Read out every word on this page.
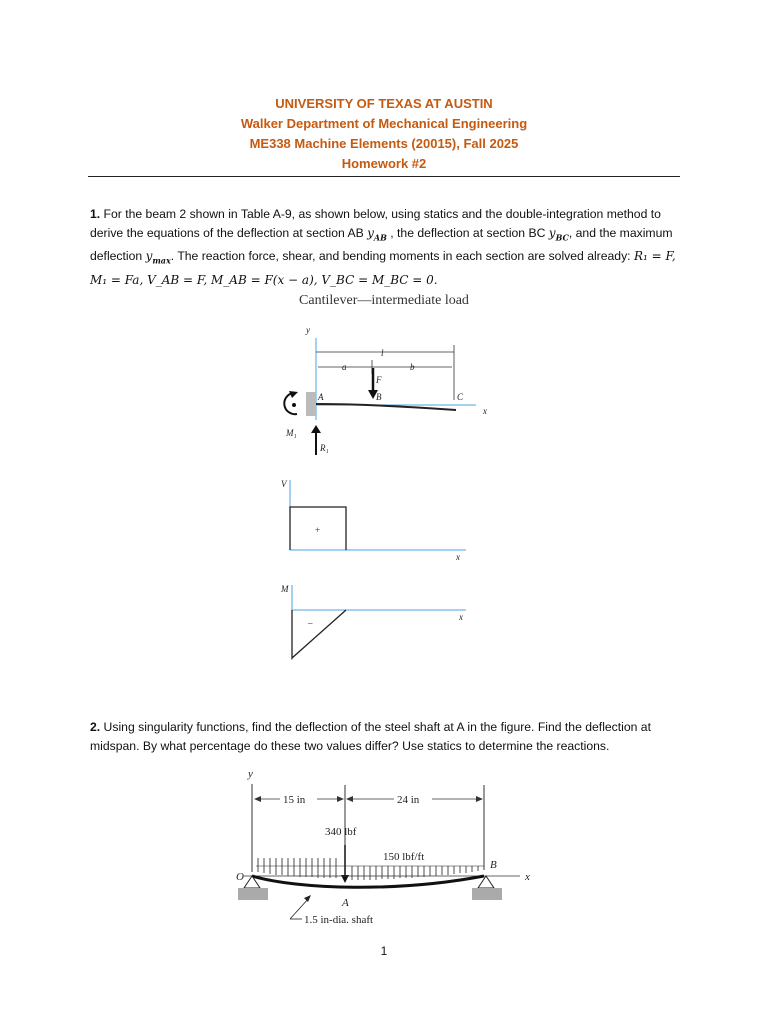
UNIVERSITY OF TEXAS AT AUSTIN
Walker Department of Mechanical Engineering
ME338 Machine Elements (20015), Fall 2025
Homework #2
1. For the beam 2 shown in Table A-9, as shown below, using statics and the double-integration method to derive the equations of the deflection at section AB $y_{AB}$ , the deflection at section BC $y_{BC}$, and the maximum deflection $y_{max}$. The reaction force, shear, and bending moments in each section are solved already: R₁ = F, M₁ = Fa, V_AB = F, M_AB = F(x − a), V_BC = M_BC = 0.
Cantilever—intermediate load
y
l
a	b
F
A	B	C
x
M₁
R₁
V
+
x
M
–
x
2. Using singularity functions, find the deflection of the steel shaft at A in the figure. Find the deflection at midspan. By what percentage do these two values differ? Use statics to determine the reactions.
y
15 in	24 in
340 lbf
150 lbf/ft
x
O
B
A
1.5 in-dia. shaft
1
